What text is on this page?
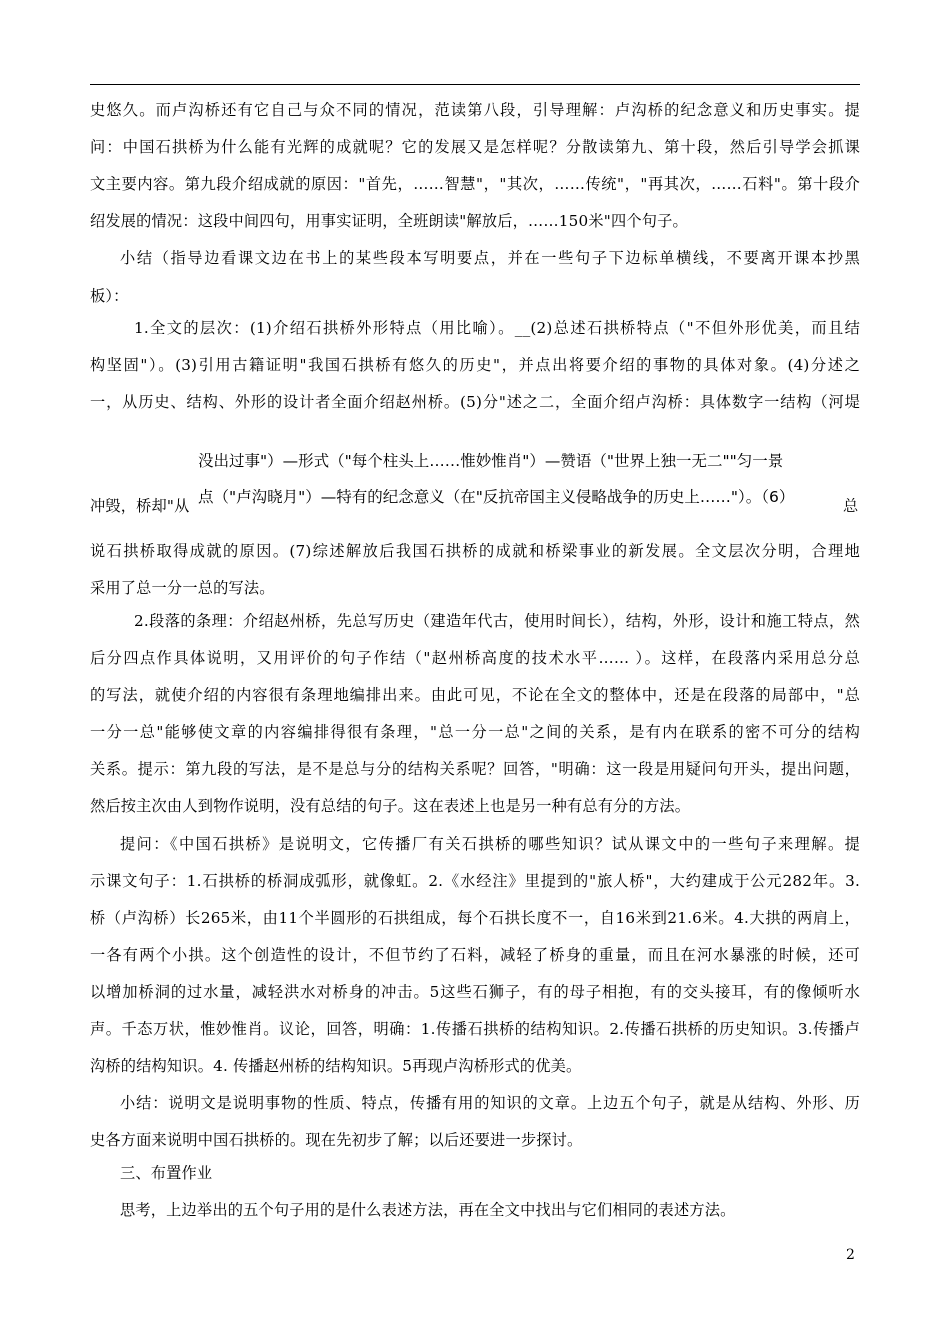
史悠久。而卢沟桥还有它自己与众不同的情况，范读第八段，引导理解：卢沟桥的纪念意义和历史事实。提
问：中国石拱桥为什么能有光辉的成就呢？它的发展又是怎样呢？分散读第九、第十段，然后引导学会抓课
文主要内容。第九段介绍成就的原因："首先，……智慧"，"其次，……传统"，"再其次，……石料"。第十段介
绍发展的情况：这段中间四句，用事实证明，全班朗读"解放后，……150米"四个句子。
小结（指导边看课文边在书上的某些段本写明要点，并在一些句子下边标单横线，不要离开课本抄黑
板）：
1.全文的层次：(1)介绍石拱桥外形特点（用比喻）。__(2)总述石拱桥特点（"不但外形优美，而且结
构坚固"）。(3)引用古籍证明"我国石拱桥有悠久的历史"，并点出将要介绍的事物的具体对象。(4)分述之
一，从历史、结构、外形的设计者全面介绍赵州桥。(5)分"述之二，全面介绍卢沟桥：具体数字一结构（河堤
没出过事"）—形式（"每个柱头上……惟妙惟肖"）—赞语（"世界上独一无二""匀一景
冲毁，桥却"从 点（"卢沟晓月"）—特有的纪念意义（在"反抗帝国主义侵略战争的历史上……"）。（6）	总
说石拱桥取得成就的原因。(7)综述解放后我国石拱桥的成就和桥梁事业的新发展。全文层次分明，合理地
采用了总一分一总的写法。
2.段落的条理：介绍赵州桥，先总写历史（建造年代古，使用时间长），结构，外形，设计和施工特点，然
后分四点作具体说明，又用评价的句子作结（"赵州桥高度的技术水平…… ）。这样，在段落内采用总分总
的写法，就使介绍的内容很有条理地编排出来。由此可见，不论在全文的整体中，还是在段落的局部中，"总
一分一总"能够使文章的内容编排得很有条理，"总一分一总"之间的关系，是有内在联系的密不可分的结构
关系。提示：第九段的写法，是不是总与分的结构关系呢？回答，"明确：这一段是用疑问句开头，提出问题，
然后按主次由人到物作说明，没有总结的句子。这在表述上也是另一种有总有分的方法。
提问：《中国石拱桥》是说明文，它传播厂有关石拱桥的哪些知识？试从课文中的一些句子来理解。提
示课文句子：1.石拱桥的桥洞成弧形，就像虹。2.《水经注》里提到的"旅人桥"，大约建成于公元282年。3.
桥（卢沟桥）长265米，由11个半圆形的石拱组成，每个石拱长度不一，自16米到21.6米。4.大拱的两肩上，
一各有两个小拱。这个创造性的设计，不但节约了石料，减轻了桥身的重量，而且在河水暴涨的时候，还可
以增加桥洞的过水量，减轻洪水对桥身的冲击。5这些石狮子，有的母子相抱，有的交头接耳，有的像倾听水
声。千态万状，惟妙惟肖。议论，回答，明确：1.传播石拱桥的结构知识。2.传播石拱桥的历史知识。3.传播卢
沟桥的结构知识。4. 传播赵州桥的结构知识。5再现卢沟桥形式的优美。
小结：说明文是说明事物的性质、特点，传播有用的知识的文章。上边五个句子，就是从结构、外形、历
史各方面来说明中国石拱桥的。现在先初步了解；以后还要进一步探讨。
三、布置作业
思考，上边举出的五个句子用的是什么表述方法，再在全文中找出与它们相同的表述方法。
2
